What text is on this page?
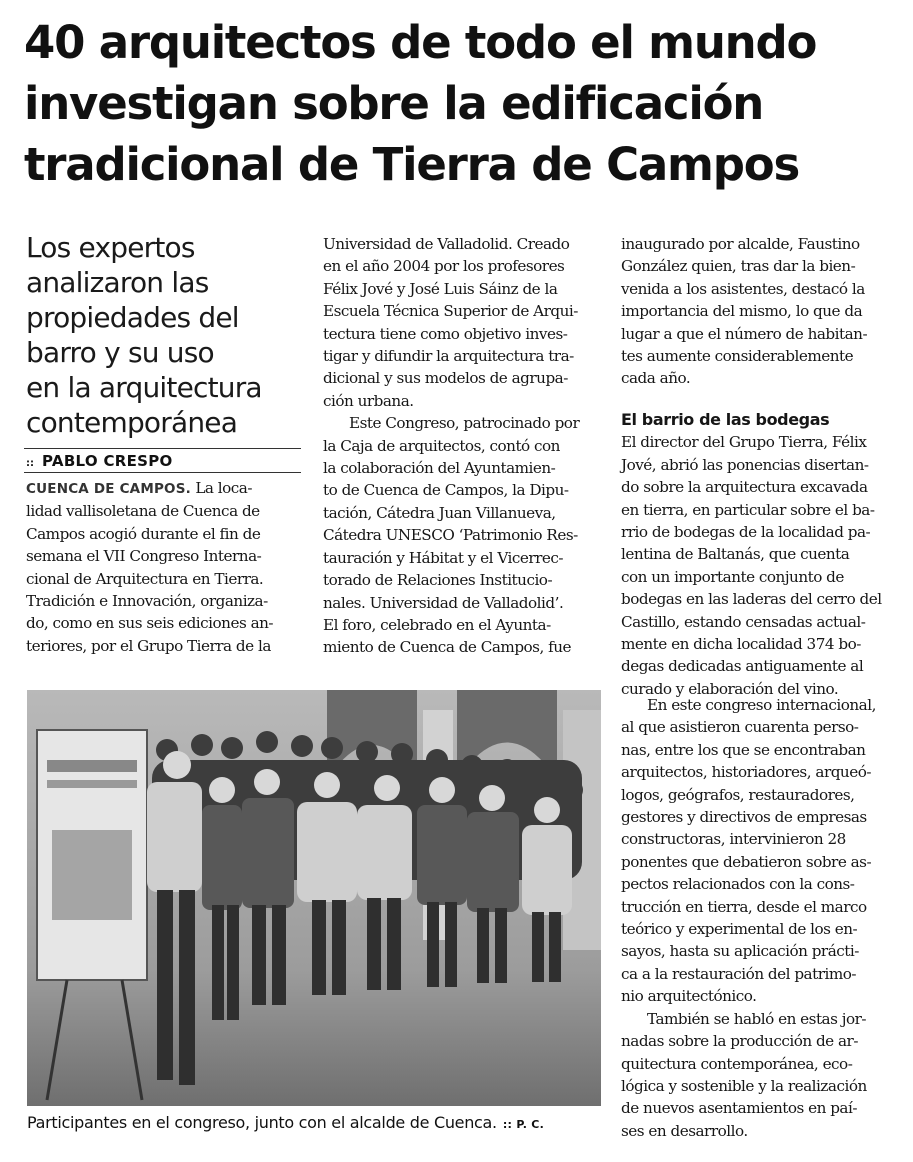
40 arquitectos de todo el mundo
investigan sobre la edificación
tradicional de Tierra de Campos
Los expertos
analizaron las
propiedades del
barro y su uso
en la arquitectura
contemporánea
:: PABLO CRESPO

CUENCA DE CAMPOS. La loca-
lidad vallisoletana de Cuenca de
Campos acogió durante el fin de
semana el VII Congreso Interna-
cional de Arquitectura en Tierra.
Tradición e Innovación, organiza-
do, como en sus seis ediciones an-
teriores, por el Grupo Tierra de la

Universidad de Valladolid. Creado
en el año 2004 por los profesores
Félix Jové y José Luis Sáinz de la
Escuela Técnica Superior de Arqui-
tectura tiene como objetivo inves-
tigar y difundir la arquitectura tra-
dicional y sus modelos de agrupa-
ción urbana.
Este Congreso, patrocinado por
la Caja de arquitectos, contó con
la colaboración del Ayuntamien-
to de Cuenca de Campos, la Dipu-
tación, Cátedra Juan Villanueva,
Cátedra UNESCO ‘Patrimonio Res-
tauración y Hábitat y el Vicerrec-
torado de Relaciones Institucio-
nales. Universidad de Valladolid’.
El foro, celebrado en el Ayunta-
miento de Cuenca de Campos, fue

inaugurado por alcalde, Faustino
González quien, tras dar la bien-
venida a los asistentes, destacó la
importancia del mismo, lo que da
lugar a que el número de habitan-
tes aumente considerablemente
cada año.

El barrio de las bodegas
El director del Grupo Tierra, Félix
Jové, abrió las ponencias disertan-
do sobre la arquitectura excavada
en tierra, en particular sobre el ba-
rrio de bodegas de la localidad pa-
lentina de Baltanás, que cuenta
con un importante conjunto de
bodegas en las laderas del cerro del
Castillo, estando censadas actual-
mente en dicha localidad 374 bo-
degas dedicadas antiguamente al
curado y elaboración del vino.

En este congreso internacional,
al que asistieron cuarenta perso-
nas, entre los que se encontraban
arquitectos, historiadores, arqueó-
logos, geógrafos, restauradores,
gestores y directivos de empresas
constructoras, intervinieron 28
ponentes que debatieron sobre as-
pectos relacionados con la cons-
trucción en tierra, desde el marco
teórico y experimental de los en-
sayos, hasta su aplicación prácti-
ca a la restauración del patrimo-
nio arquitectónico.
También se habló en estas jor-
nadas sobre la producción de ar-
quitectura contemporánea, eco-
lógica y sostenible y la realización
de nuevos asentamientos en paí-
ses en desarrollo.

Participantes en el congreso, junto con el alcalde de Cuenca. :: P. C.
